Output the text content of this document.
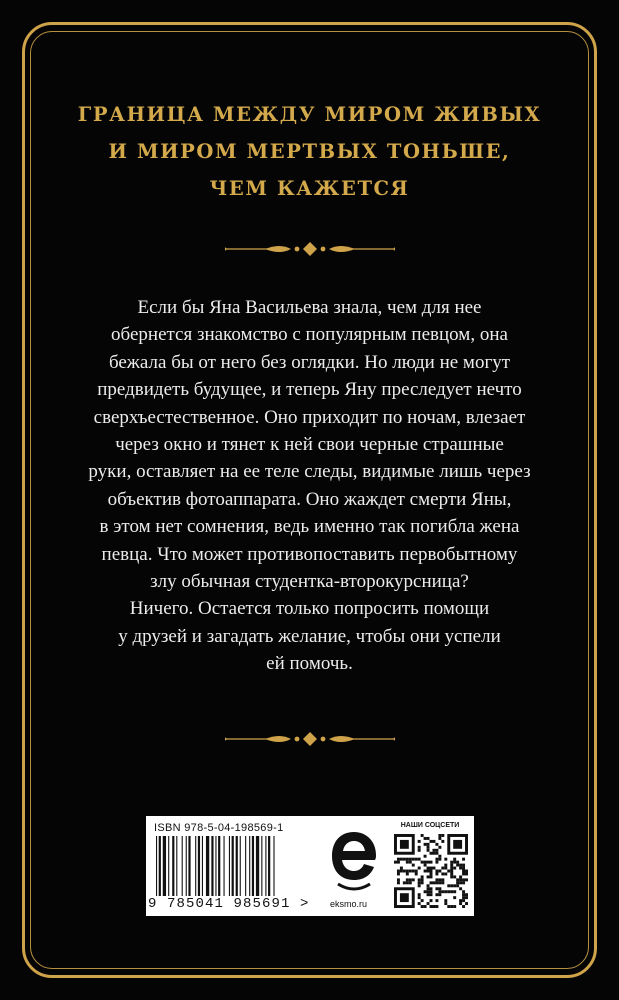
ГРАНИЦА МЕЖДУ МИРОМ ЖИВЫХ
И МИРОМ МЕРТВЫХ ТОНЬШЕ,
ЧЕМ КАЖЕТСЯ

Если бы Яна Васильева знала, чем для нее
обернется знакомство с популярным певцом, она
бежала бы от него без оглядки. Но люди не могут
предвидеть будущее, и теперь Яну преследует нечто
сверхъестественное. Оно приходит по ночам, влезает
через окно и тянет к ней свои черные страшные
руки, оставляет на ее теле следы, видимые лишь через
объектив фотоаппарата. Оно жаждет смерти Яны,
в этом нет сомнения, ведь именно так погибла жена
певца. Что может противопоставить первобытному
злу обычная студентка-второкурсница?
Ничего. Остается только попросить помощи
у друзей и загадать желание, чтобы они успели
ей помочь.

ISBN 978-5-04-198569-1
9 785041 985691 > eksmo.ru
НАШИ СОЦСЕТИ
